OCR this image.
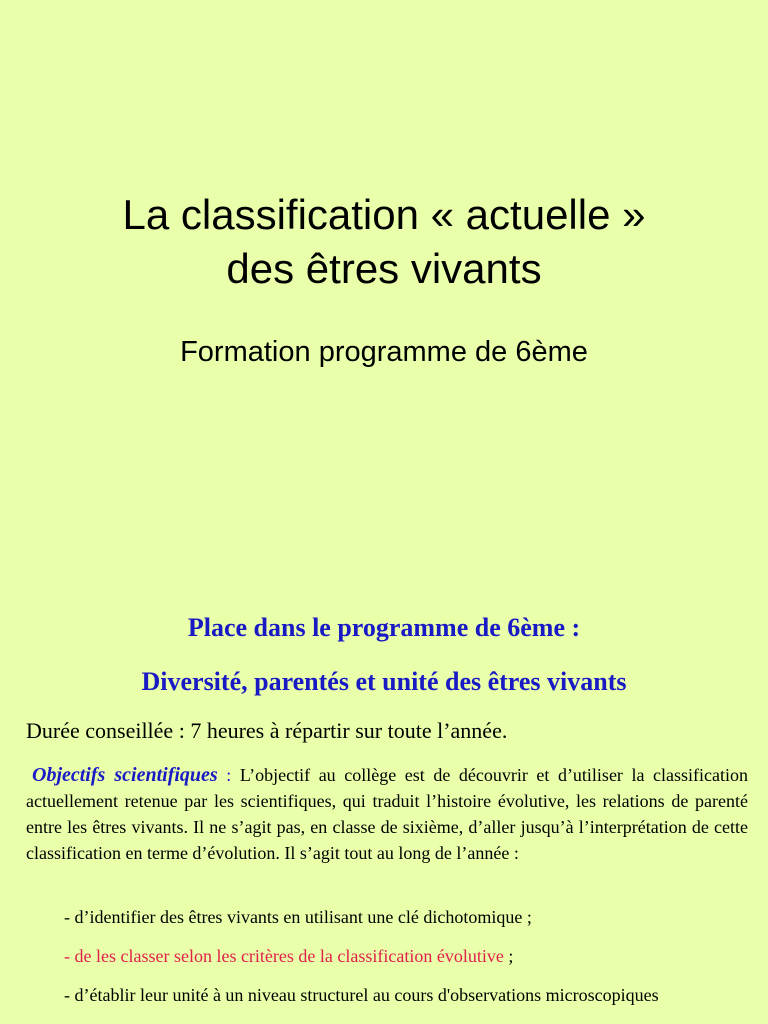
La classification « actuelle »
des êtres vivants
Formation programme de 6ème
Place dans le programme de 6ème :
Diversité, parentés et unité des êtres vivants

Durée conseillée : 7 heures à répartir sur toute l’année.

Objectifs scientifiques : L’objectif au collège est de découvrir et d’utiliser la classification actuellement retenue par les scientifiques, qui traduit l’histoire évolutive, les relations de parenté entre les êtres vivants. Il ne s’agit pas, en classe de sixième, d’aller jusqu’à l’interprétation de cette classification en terme d’évolution. Il s’agit tout au long de l’année :

- d’identifier des êtres vivants en utilisant une clé dichotomique ;
- de les classer selon les critères de la classification évolutive ;
- d’établir leur unité à un niveau structurel au cours d'observations microscopiques
